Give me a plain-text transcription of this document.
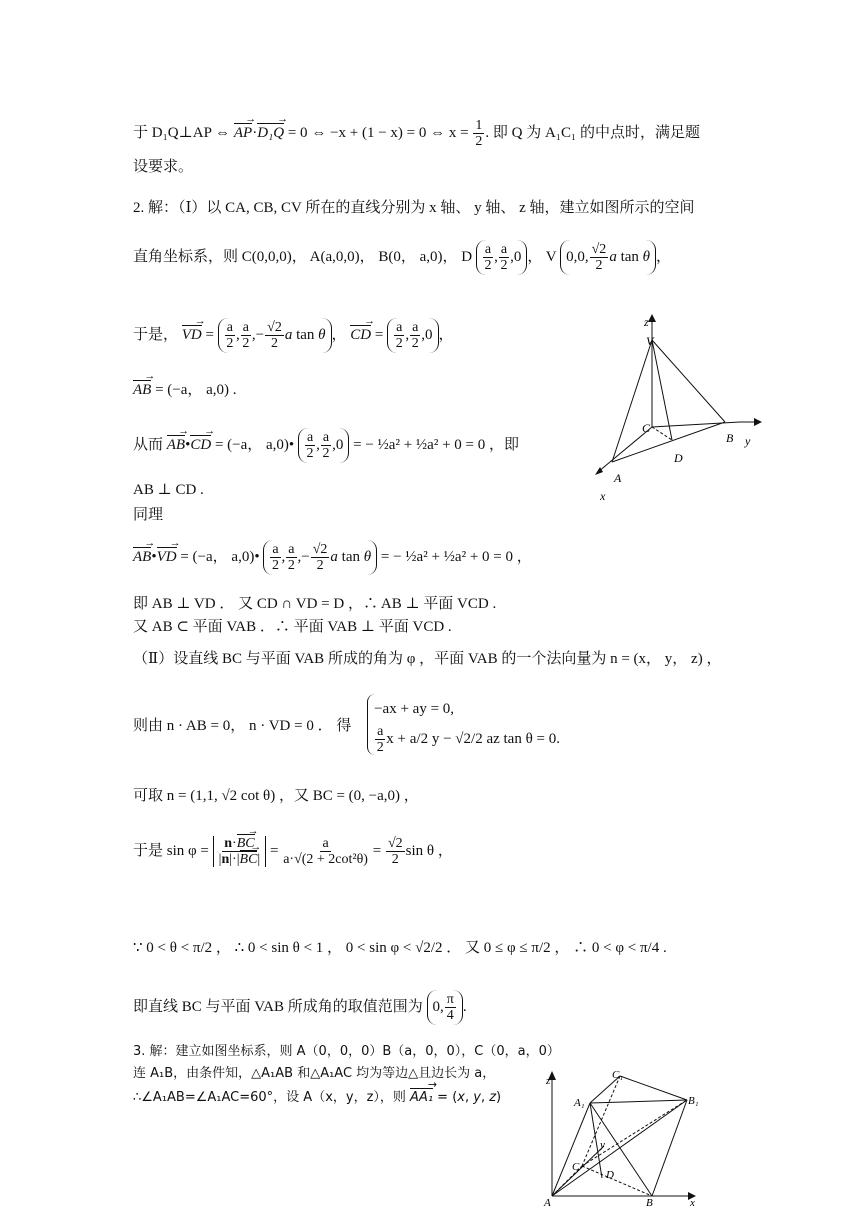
于 D₁Q⊥AP ⇔ AP →·D₁Q → = 0 ⇔ −x + (1 − x) = 0 ⇔ $x = \frac{1}{2}$ . 即 Q 为 A₁C₁ 的中点时，满足题
设要求。
2. 解：（Ⅰ）以 CA, CB, CV 所在的直线分别为 x 轴、 y 轴、 z 轴，建立如图所示的空间
直角坐标系，则 C(0,0,0)， A(a,0,0)， B(0， a,0)， D $\frac{a}{2}$ , $\frac{a}{2} ,0$ ， V 0,0, $\frac{√2}{2}$ a tan θ ，
于是， VD → = $\frac{a}{2}$ , $\frac{a}{2}$ ,− $\frac{√2}{2}$ a tan θ ， CD → = $\frac{a}{2}$ , $\frac{a}{2} ,0$ ，
AB → = (−a， a,0) .
从而 AB →•CD → = (−a， a,0)• $\frac{a}{2}$ , $\frac{a}{2} ,0$ = − ½a² + ½a² + 0 = 0 ，即
AB ⊥ CD .
同理
AB →•VD → = (−a， a,0)• $\frac{a}{2}$ , $\frac{a}{2}$ ,− $\frac{√2}{2}$ a tan θ = − ½a² + ½a² + 0 = 0 ，
即 AB ⊥ VD ． 又 CD ∩ VD = D ，∴ AB ⊥ 平面 VCD .
又 AB ⊂ 平面 VAB ．∴ 平面 VAB ⊥ 平面 VCD .
（Ⅱ）设直线 BC 与平面 VAB 所成的角为 φ ，平面 VAB 的一个法向量为 n = (x， y， z) ，
则由 n · AB = 0， n · VD = 0 ． 得 −ax + ay = 0,

$\frac{a}{2}$ x + a/2 y − √2/2 az tan θ = 0.
可取 n = (1,1, √2 cot θ) ，又 BC = (0, −a,0) ，
于是 $\sin \varphi = \frac{n\cdot BC \to}{|n|\cdot|BC \to|} = \frac{a}{\text{a·√(2 + 2cot²θ)}} = \frac{√2}{2}$ sin θ ，
∵ 0 < θ < π/2 ， ∴ 0 < sin θ < 1 ， 0 < sin φ < √2/2 ． 又 0 ≤ φ ≤ π/2 ， ∴ 0 < φ < π/4 .
即直线 BC 与平面 VAB 所成角的取值范围为 0, $\frac{\pi}{4}$ .
3. 解：建立如图坐标系，则 A（0，0，0）B（a，0，0），C（0，a，0）
连 A₁B，由条件知，△A₁AB 和△A₁AC 均为等边△且边长为 a，
∴∠A₁AB=∠A₁AC=60°，设 A（x，y，z），则 AA₁ → = (x, y, z)
z
V
C
B y
D
A
x
z	C₁
A₁	B₁
y
C
D
A	B	x
